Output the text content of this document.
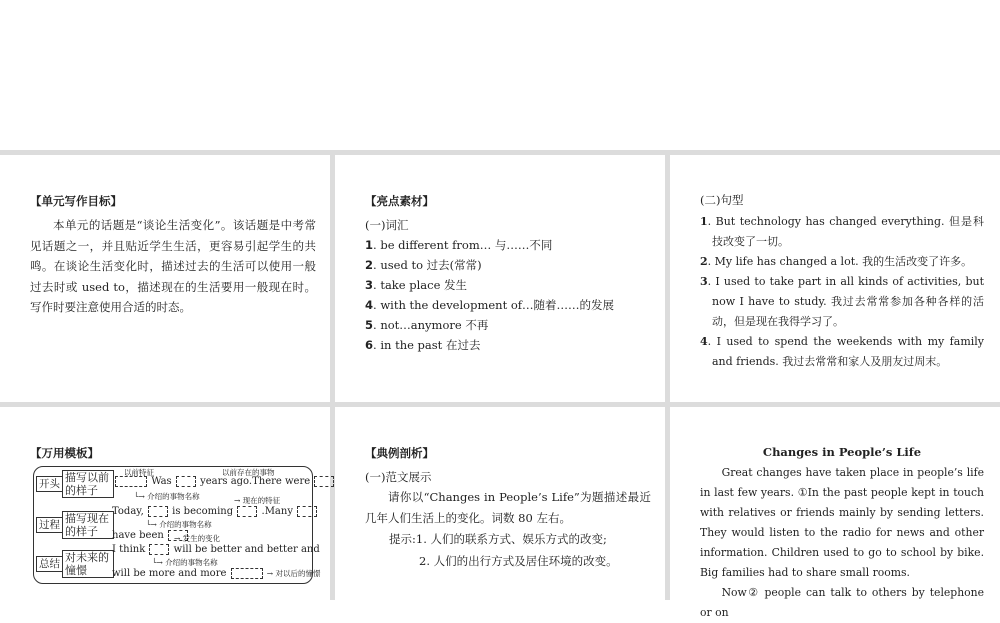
【单元写作目标】
本单元的话题是“谈论生活变化”。该话题是中考常见话题之一，并且贴近学生生活，更容易引起学生的共鸣。在谈论生活变化时，描述过去的生活可以使用一般过去时或 used to，描述现在的生活要用一般现在时。写作时要注意使用合适的时态。
【亮点素材】
(一)词汇
1. be different from… 与……不同
2. used to 过去(常常)
3. take place 发生
4. with the development of…随着……的发展
5. not…anymore 不再
6. in the past 在过去
(二)句型
1. But technology has changed everything. 但是科技改变了一切。
2. My life has changed a lot. 我的生活改变了许多。
3. I used to take part in all kinds of activities, but now I have to study. 我过去常常参加各种各样的活动，但是现在我得学习了。
4. I used to spend the weekends with my family and friends. 我过去常常和家人及朋友过周末。
【万用模板】
开头
过程
总结
描写以前的样子
描写现在的样子
对未来的憧憬
以前特征	以前存在的事物
Was	years ago.There were
└→ 介绍的事物名称	→ 现在的特征
Today,	is becoming	.Many
└→ 介绍的事物名称
have been	→ 发生的变化
I think	will be better and better and
└→ 介绍的事物名称
will be more and more	→ 对以后的憧憬
【典例剖析】
(一)范文展示
请你以“Changes in People’s Life”为题描述最近几年人们生活上的变化。词数 80 左右。
提示:1. 人们的联系方式、娱乐方式的改变;
2. 人们的出行方式及居住环境的改变。
Changes in People’s Life

Great changes have taken place in people’s life in last few years. ①In the past people kept in touch with relatives or friends mainly by sending letters. They would listen to the radio for news and other information. Children used to go to school by bike. Big families had to share small rooms.

Now② people can talk to others by telephone or on
